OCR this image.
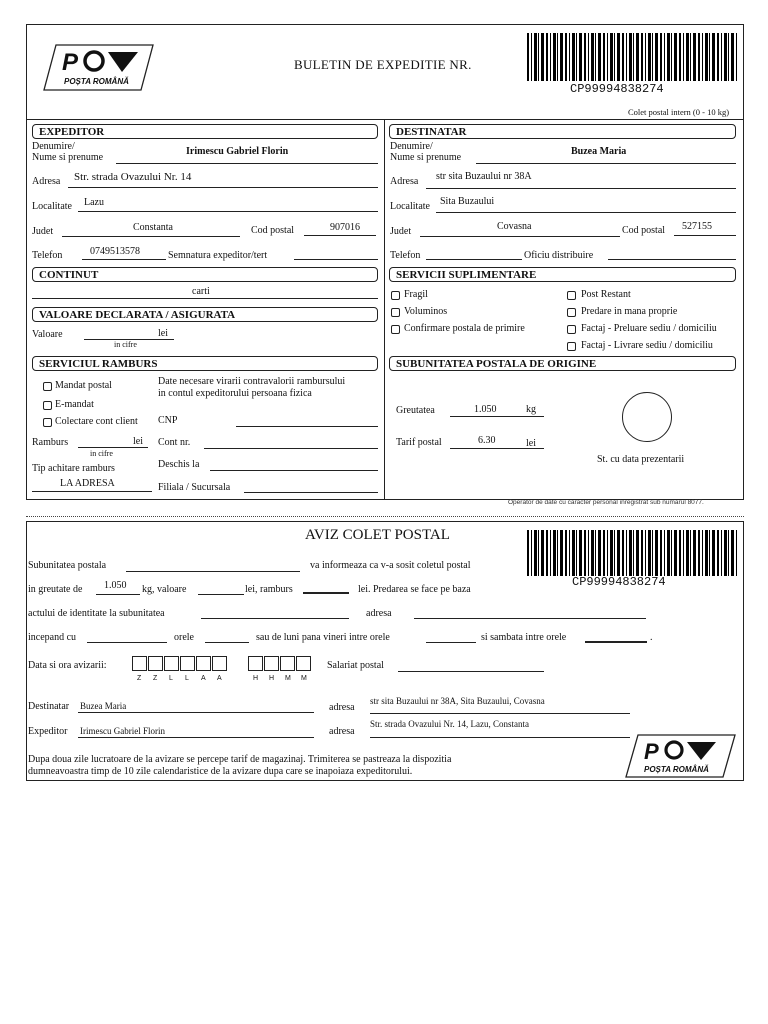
P
POȘTA ROMÂNĂ
BULETIN DE EXPEDITIE NR.
CP99994838274
Colet postal intern (0 - 10 kg)
EXPEDITOR
Denumire/
Nume si prenume
Irimescu Gabriel Florin
Adresa Str. strada Ovazului Nr. 14
Localitate Lazu
Judet	Constanta	Cod postal	907016
Telefon	0749513578	Semnatura expeditor/tert
DESTINATAR
Denumire/
Nume si prenume
Buzea Maria
Adresa str sita Buzaului nr 38A
Localitate Sita Buzaului
Judet	Covasna	Cod postal 527155
Telefon	Oficiu distribuire
CONTINUT
carti
VALOARE DECLARATA / ASIGURATA
Valoare	lei
in cifre
SERVICII SUPLIMENTARE
Fragil
Voluminos
Confirmare postala de primire
Post Restant
Predare in mana proprie
Factaj - Preluare sediu / domiciliu
Factaj - Livrare sediu / domiciliu
SERVICIUL RAMBURS
Mandat postal
E-mandat
Colectare cont client
Date necesare virarii contravalorii rambursului
in contul expeditorului persoana fizica
CNP
Ramburs	lei
in cifre
Cont nr.
Tip achitare ramburs
LA ADRESA
Deschis la
Filiala / Sucursala
SUBUNITATEA POSTALA DE ORIGINE
Greutatea	1.050	kg
Tarif postal	6.30	lei
St. cu data prezentarii
Operator de date cu caracter personal inregistrat sub numarul 8077.
AVIZ COLET POSTAL
CP99994838274
Subunitatea postala	va informeaza ca v-a sosit coletul postal
in greutate de 1.050 kg, valoare	lei, ramburs	lei. Predarea se face pe baza
actului de identitate la subunitatea	adresa
incepand cu	orele	sau de luni pana vineri intre orele	si sambata intre orele	.
Data si ora avizarii:
Z Z L L A A	H H M M
Salariat postal
Destinatar Buzea Maria	adresa
str sita Buzaului nr 38A, Sita Buzaului, Covasna
Expeditor Irimescu Gabriel Florin	adresa
Str. strada Ovazului Nr. 14, Lazu, Constanta
Dupa doua zile lucratoare de la avizare se percepe tarif de magazinaj. Trimiterea se pastreaza la dispozitia
dumneavoastra timp de 10 zile calendaristice de la avizare dupa care se inapoiaza expeditorului.
P
POȘTA ROMÂNĂ
